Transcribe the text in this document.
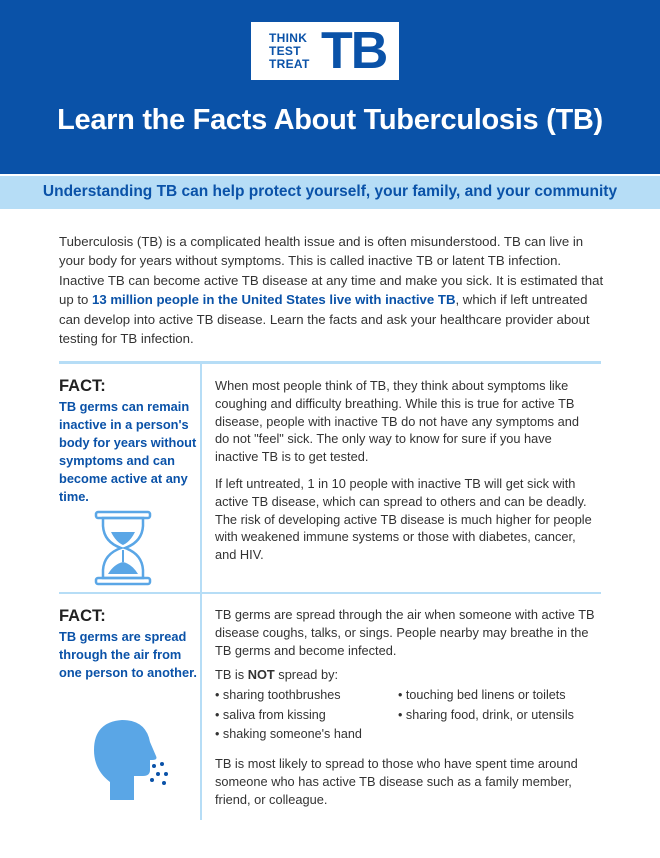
THINK
TEST
TREAT TB
Learn the Facts About Tuberculosis (TB)
Understanding TB can help protect yourself, your family, and your community
Tuberculosis (TB) is a complicated health issue and is often misunderstood. TB can live in your body for years without symptoms. This is called inactive TB or latent TB infection. Inactive TB can become active TB disease at any time and make you sick. It is estimated that up to 13 million people in the United States live with inactive TB, which if left untreated can develop into active TB disease. Learn the facts and ask your healthcare provider about testing for TB infection.
FACT:
TB germs can remain inactive in a person's body for years without symptoms and can become active at any time.
When most people think of TB, they think about symptoms like coughing and difficulty breathing. While this is true for active TB disease, people with inactive TB do not have any symptoms and do not "feel" sick. The only way to know for sure if you have inactive TB is to get tested.
If left untreated, 1 in 10 people with inactive TB will get sick with active TB disease, which can spread to others and can be deadly. The risk of developing active TB disease is much higher for people with weakened immune systems or those with diabetes, cancer, and HIV.
FACT:
TB germs are spread through the air from one person to another.
TB germs are spread through the air when someone with active TB disease coughs, talks, or sings. People nearby may breathe in the TB germs and become infected.
TB is NOT spread by:
• sharing toothbrushes
• saliva from kissing
• shaking someone's hand
• touching bed linens or toilets
• sharing food, drink, or utensils
TB is most likely to spread to those who have spent time around someone who has active TB disease such as a family member, friend, or colleague.
